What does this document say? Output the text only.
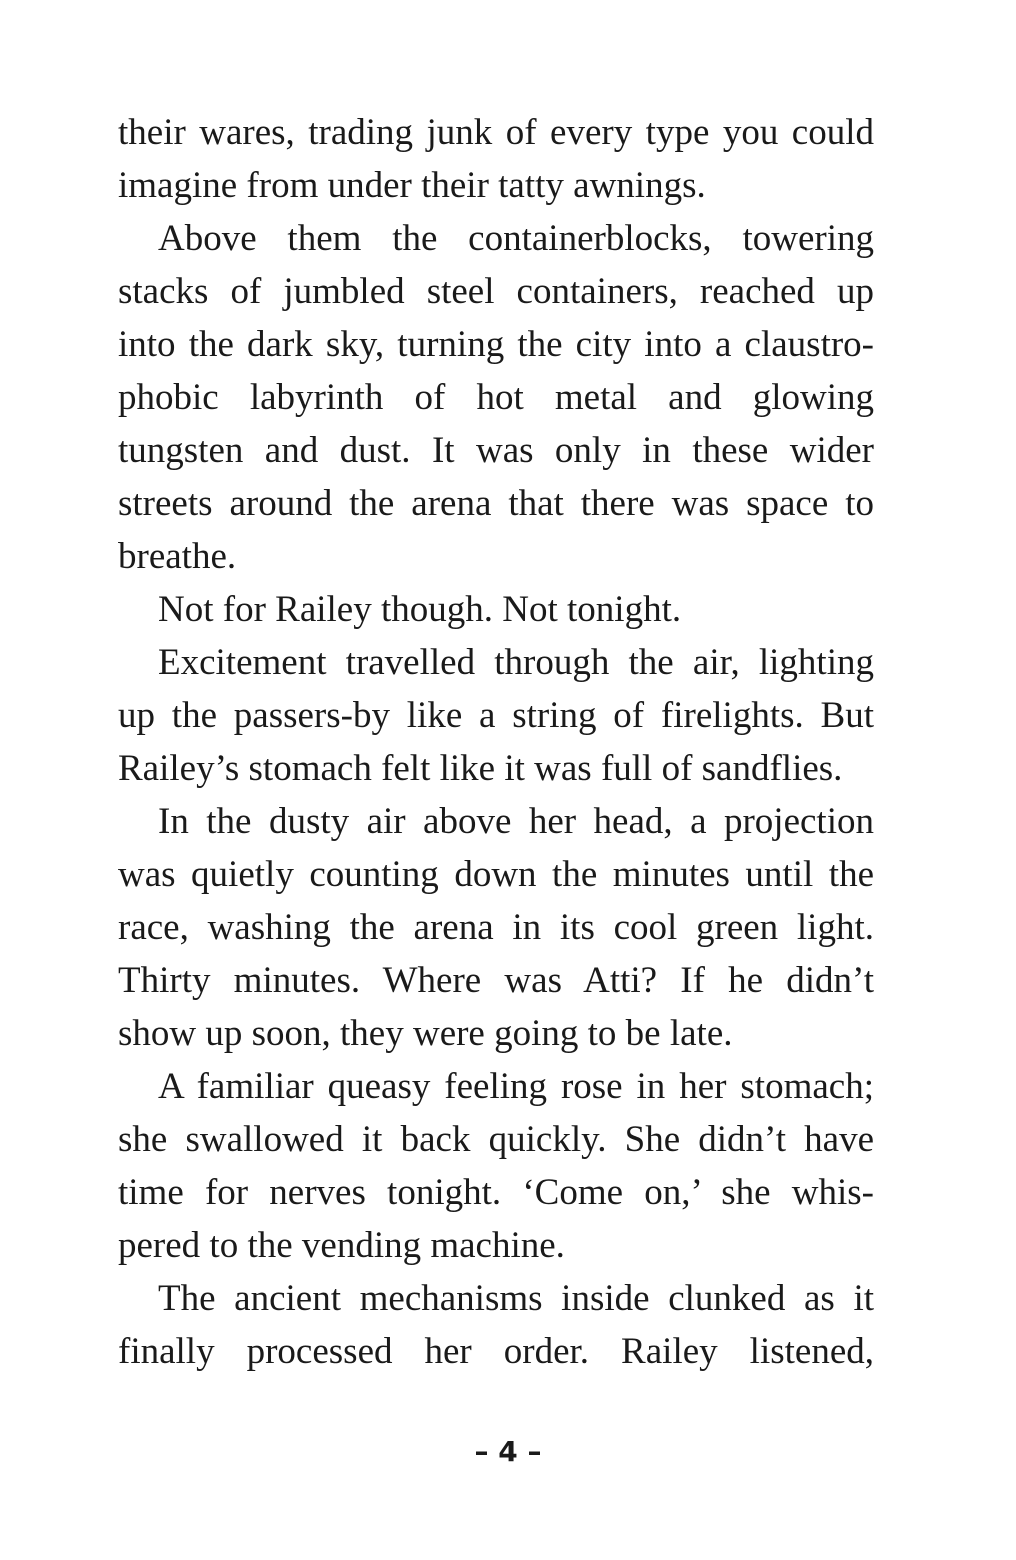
their wares, trading junk of every type you could
imagine from under their tatty awnings.
Above them the containerblocks, towering
stacks of jumbled steel containers, reached up
into the dark sky, turning the city into a claustro-
phobic labyrinth of hot metal and glowing
tungsten and dust. It was only in these wider
streets around the arena that there was space to
breathe.
Not for Railey though. Not tonight.
Excitement travelled through the air, lighting
up the passers-by like a string of firelights. But
Railey’s stomach felt like it was full of sandflies.
In the dusty air above her head, a projection
was quietly counting down the minutes until the
race, washing the arena in its cool green light.
Thirty minutes. Where was Atti? If he didn’t
show up soon, they were going to be late.
A familiar queasy feeling rose in her stomach;
she swallowed it back quickly. She didn’t have
time for nerves tonight. ‘Come on,’ she whis-
pered to the vending machine.
The ancient mechanisms inside clunked as it
finally processed her order. Railey listened,
– 4 –
